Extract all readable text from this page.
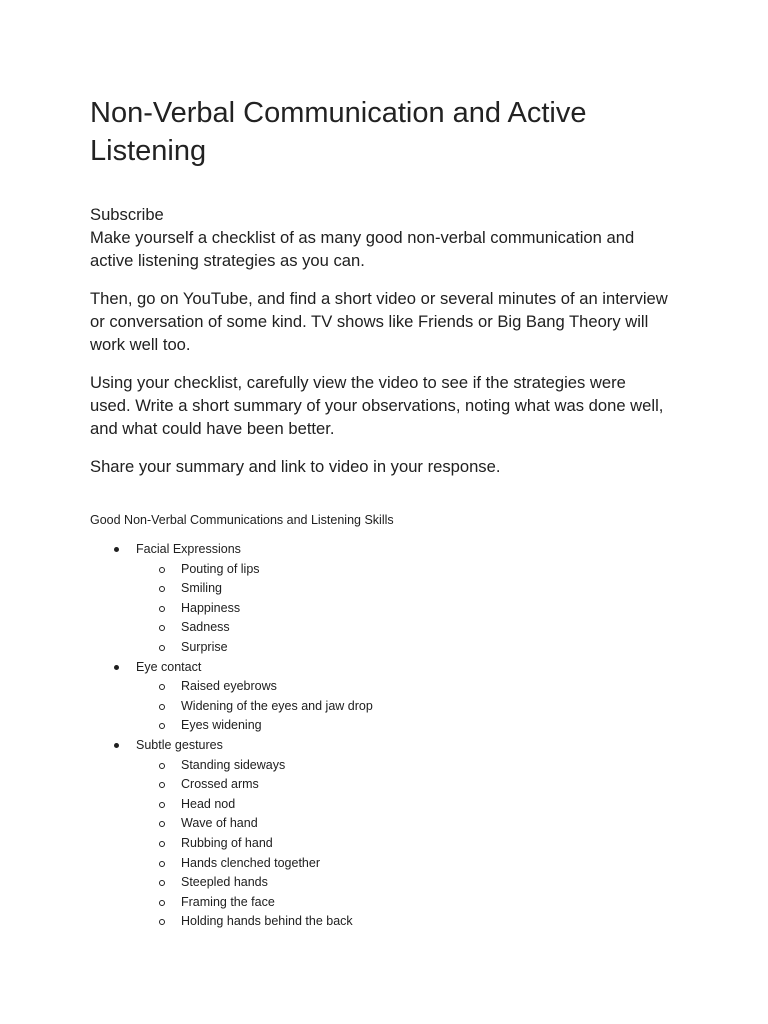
Non-Verbal Communication and Active Listening
Subscribe

Make yourself a checklist of as many good non-verbal communication and active listening strategies as you can.

Then, go on YouTube, and find a short video or several minutes of an interview or conversation of some kind. TV shows like Friends or Big Bang Theory will work well too.

Using your checklist, carefully view the video to see if the strategies were used. Write a short summary of your observations, noting what was done well, and what could have been better.

Share your summary and link to video in your response.

Good Non-Verbal Communications and Listening Skills

Facial Expressions
Pouting of lips
Smiling
Happiness
Sadness
Surprise
Eye contact
Raised eyebrows
Widening of the eyes and jaw drop
Eyes widening
Subtle gestures
Standing sideways
Crossed arms
Head nod
Wave of hand
Rubbing of hand
Hands clenched together
Steepled hands
Framing the face
Holding hands behind the back
